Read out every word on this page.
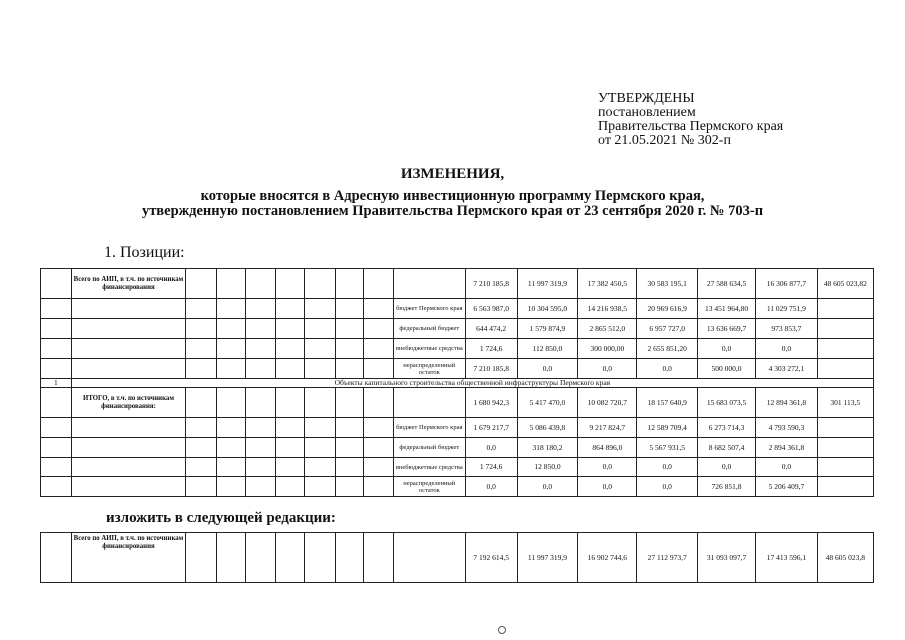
УТВЕРЖДЕНЫ
постановлением
Правительства Пермского края
от 21.05.2021 № 302-п
ИЗМЕНЕНИЯ,
которые вносятся в Адресную инвестиционную программу Пермского края,
утвержденную постановлением Правительства Пермского края от 23 сентября 2020 г. № 703-п
1. Позиции:
	Всего по АИП, в т.ч. по источникам финансирования									7 210 185,8	11 997 319,9	17 382 450,5	30 583 195,1	27 588 634,5	16 306 877,7	48 605 023,82
									бюджет Пермского края	6 563 987,0	10 304 595,0	14 216 938,5	20 969 616,9	13 451 964,80	11 029 751,9	
									федеральный бюджет	644 474,2	1 579 874,9	2 865 512,0	6 957 727,0	13 636 669,7	973 853,7	
									внебюджетные средства	1 724,6	112 850,0	300 000,00	2 655 851,20	0,0	0,0	
									нераспределенный остаток	7 210 185,8	0,0	0,0	0,0	500 000,0	4 303 272,1	
1	Объекты капитального строительства общественной инфраструктуры Пермского края															
	ИТОГО, в т.ч. по источникам финансирования:									1 680 942,3	5 417 470,0	10 082 720,7	18 157 640,9	15 683 073,5	12 894 361,8	301 113,5
									бюджет Пермского края	1 679 217,7	5 086 439,8	9 217 824,7	12 589 709,4	6 273 714,3	4 793 590,3	
									федеральный бюджет	0,0	318 180,2	864 896,0	5 567 931,5	8 682 507,4	2 894 361,8	
									внебюджетные средства	1 724,6	12 850,0	0,0	0,0	0,0	0,0	
									нераспределенный остаток	0,0	0,0	0,0	0,0	726 851,8	5 206 409,7	
изложить в следующей редакции:
	Всего по АИП, в т.ч. по источникам финансирования									7 192 614,5	11 997 319,9	16 902 744,6	27 112 973,7	31 093 097,7	17 413 596,1	48 605 023,8
